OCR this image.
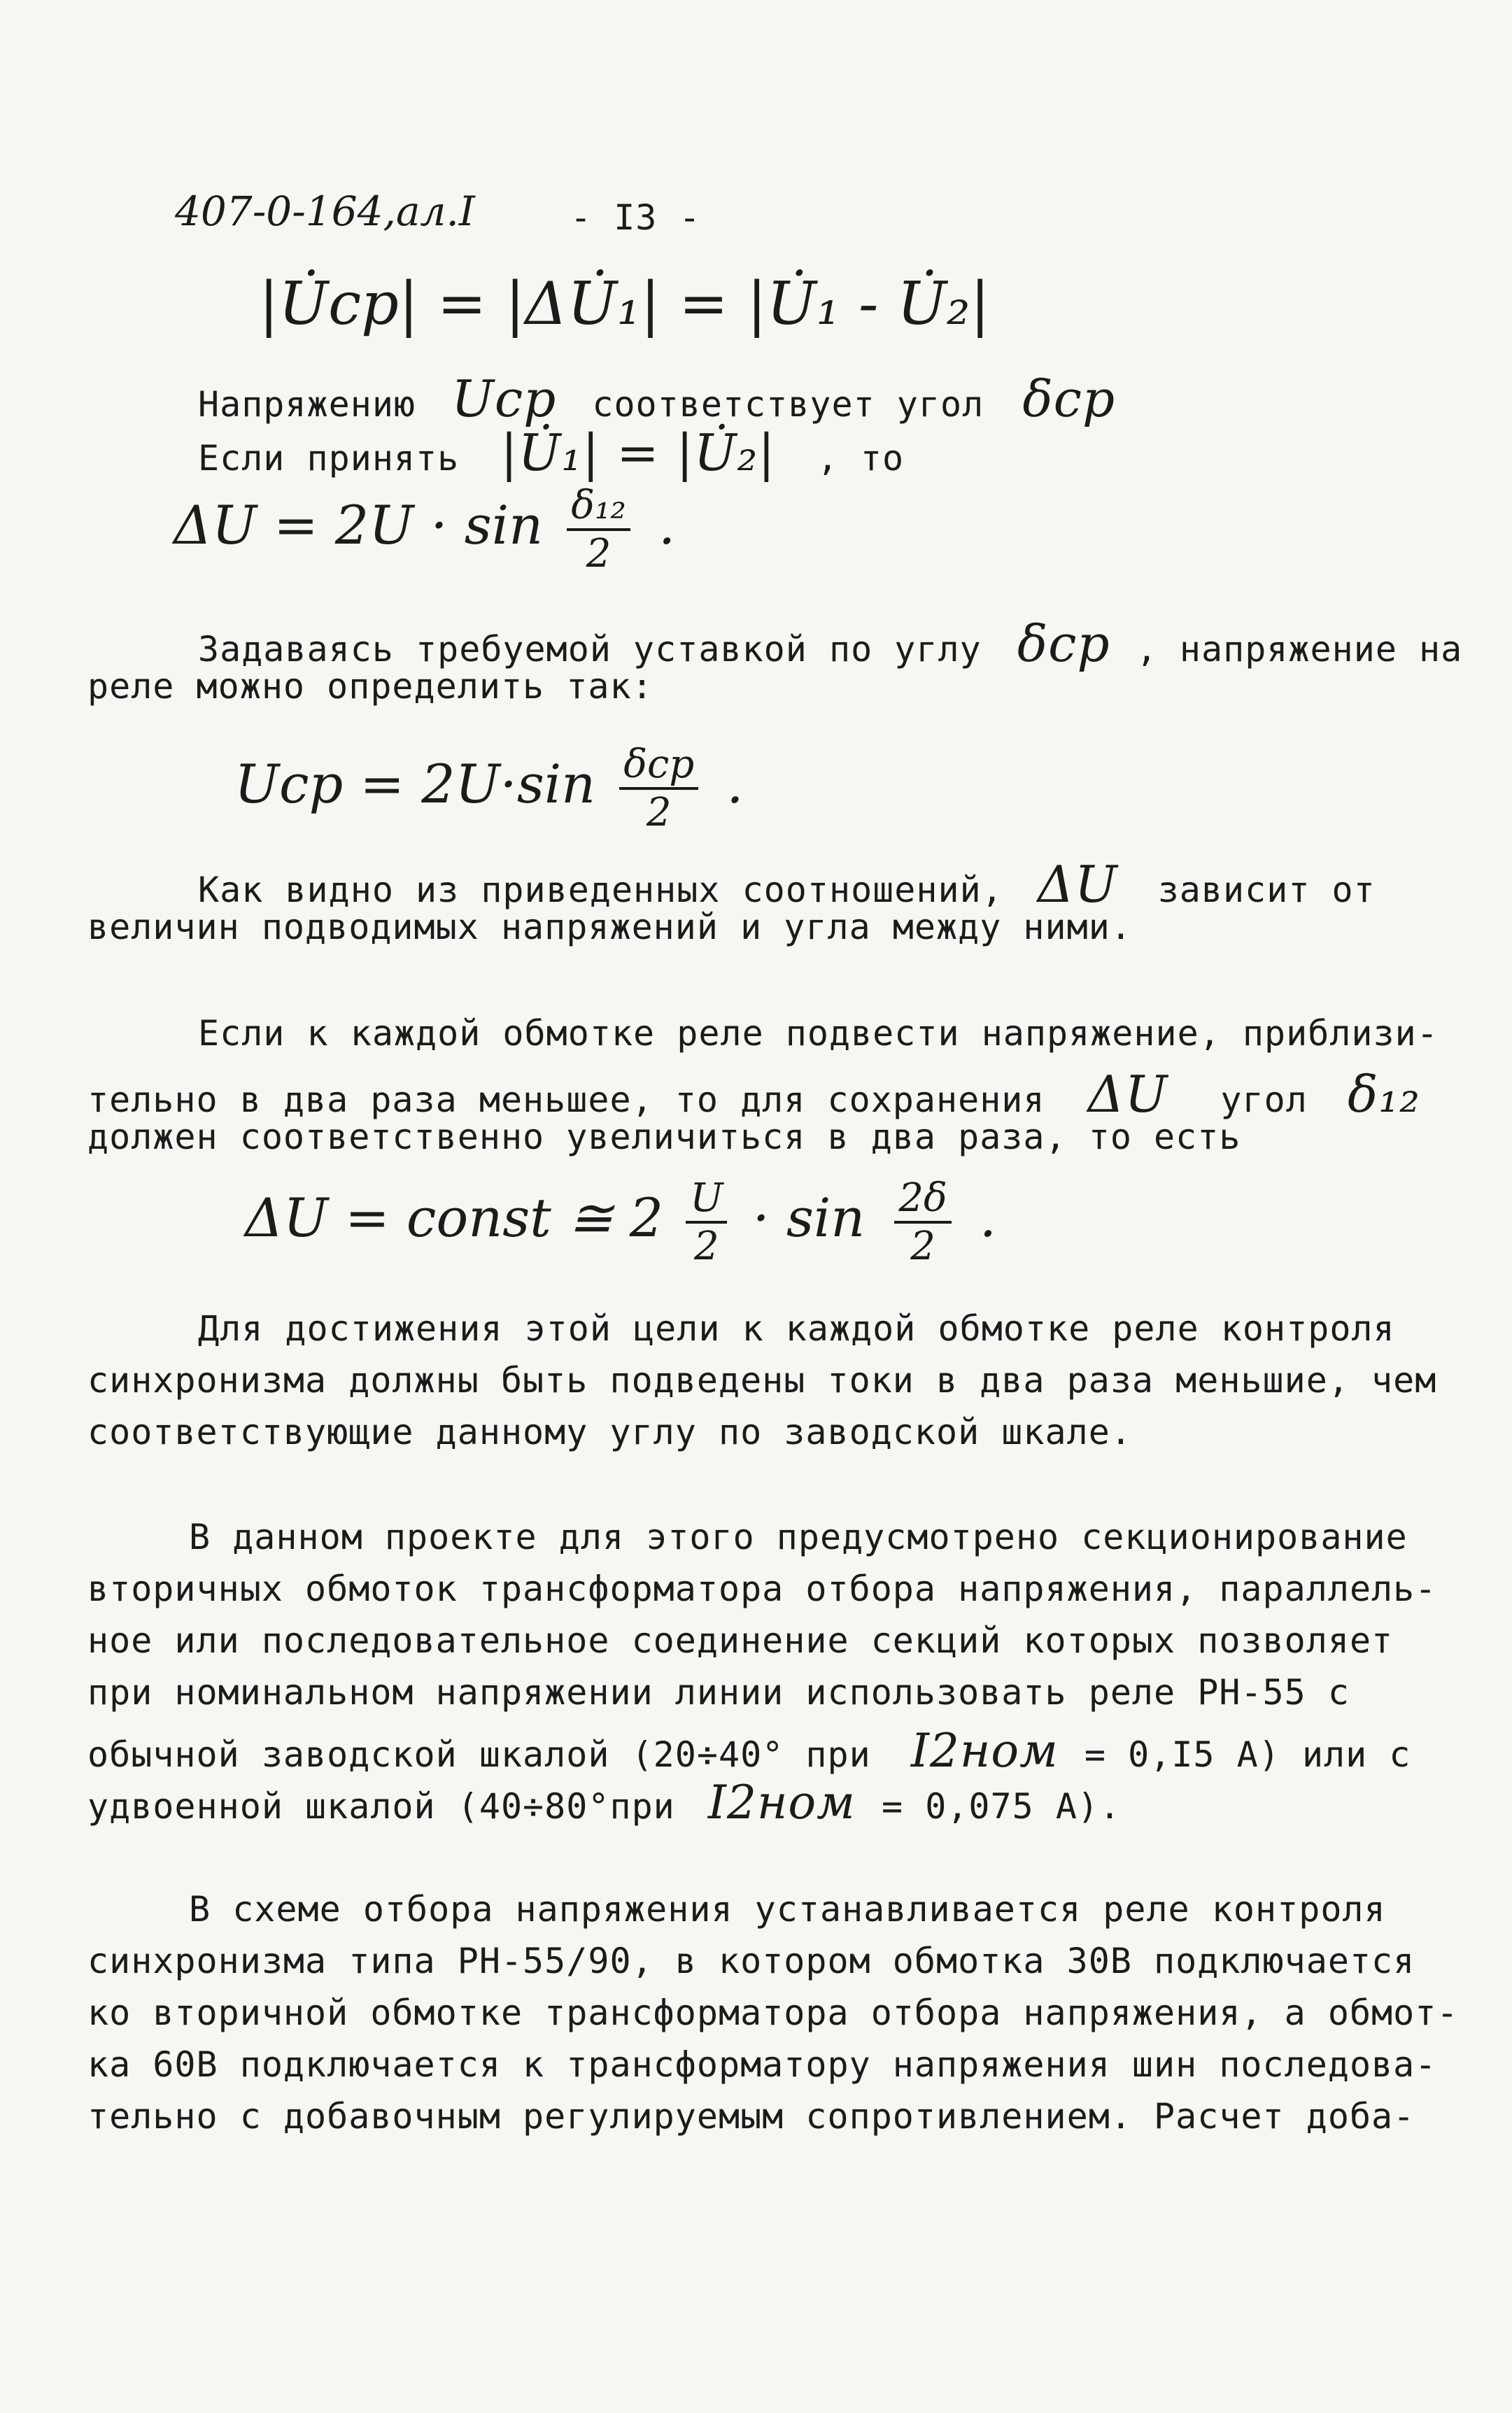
407-0-164,ал.I	- I3 -
|U̇ср| = |ΔU̇₁| = |U̇₁ - U̇₂|
Напряжению Uср соответствует угол δср
Если принять |U̇₁| = |U̇₂| , то
$\Delta U = 2U \cdot \sin \frac{\text{δ₁₂}}{2}$ .
Задаваясь требуемой уставкой по углу δср , напряжение на
реле можно определить так:
Uср = $2U\cdot\sin \frac{\text{δср}}{2}$ .
Как видно из приведенных соотношений, ΔU зависит от
величин подводимых напряжений и угла между ними.
Если к каждой обмотке реле подвести напряжение, приблизи-
тельно в два раза меньшее, то для сохранения ΔU угол δ₁₂
должен соответственно увеличиться в два раза, то есть
ΔU = const ≅ $2 \frac{U}{2} \cdot \sin \frac{2\delta}{2}$ .
Для достижения этой цели к каждой обмотке реле контроля
синхронизма должны быть подведены токи в два раза меньшие, чем
соответствующие данному углу по заводской шкале.
В данном проекте для этого предусмотрено секционирование
вторичных обмоток трансформатора отбора напряжения, параллель-
ное или последовательное соединение секций которых позволяет
при номинальном напряжении линии использовать реле РН-55 с
обычной заводской шкалой (20÷40° при I2ном = 0,I5 А) или с
удвоенной шкалой (40÷80°при I2ном = 0,075 А).
В схеме отбора напряжения устанавливается реле контроля
синхронизма типа РН-55/90, в котором обмотка 30В подключается
ко вторичной обмотке трансформатора отбора напряжения, а обмот-
ка 60В подключается к трансформатору напряжения шин последова-
тельно с добавочным регулируемым сопротивлением. Расчет доба-
